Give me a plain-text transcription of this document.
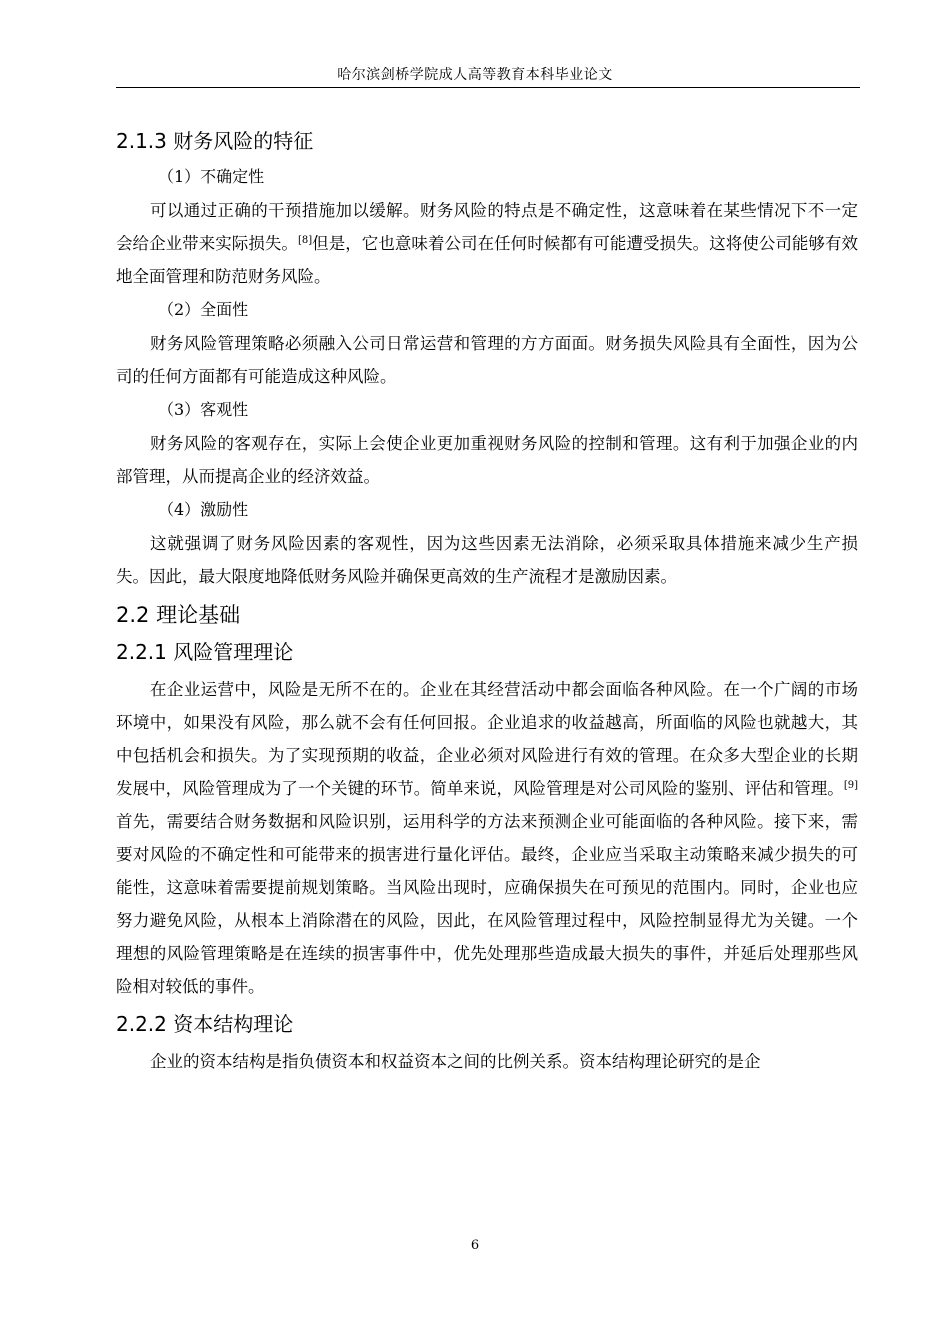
哈尔滨剑桥学院成人高等教育本科毕业论文
2.1.3 财务风险的特征
（1）不确定性

可以通过正确的干预措施加以缓解。财务风险的特点是不确定性，这意味着在某些情况下不一定会给企业带来实际损失。[8]但是，它也意味着公司在任何时候都有可能遭受损失。这将使公司能够有效地全面管理和防范财务风险。

（2）全面性

财务风险管理策略必须融入公司日常运营和管理的方方面面。财务损失风险具有全面性，因为公司的任何方面都有可能造成这种风险。

（3）客观性

财务风险的客观存在，实际上会使企业更加重视财务风险的控制和管理。这有利于加强企业的内部管理，从而提高企业的经济效益。

（4）激励性

这就强调了财务风险因素的客观性，因为这些因素无法消除，必须采取具体措施来减少生产损失。因此，最大限度地降低财务风险并确保更高效的生产流程才是激励因素。

2.2 理论基础
2.2.1 风险管理理论

在企业运营中，风险是无所不在的。企业在其经营活动中都会面临各种风险。在一个广阔的市场环境中，如果没有风险，那么就不会有任何回报。企业追求的收益越高，所面临的风险也就越大，其中包括机会和损失。为了实现预期的收益，企业必须对风险进行有效的管理。在众多大型企业的长期发展中，风险管理成为了一个关键的环节。简单来说，风险管理是对公司风险的鉴别、评估和管理。[9]首先，需要结合财务数据和风险识别，运用科学的方法来预测企业可能面临的各种风险。接下来，需要对风险的不确定性和可能带来的损害进行量化评估。最终，企业应当采取主动策略来减少损失的可能性，这意味着需要提前规划策略。当风险出现时，应确保损失在可预见的范围内。同时，企业也应努力避免风险，从根本上消除潜在的风险，因此，在风险管理过程中，风险控制显得尤为关键。一个理想的风险管理策略是在连续的损害事件中，优先处理那些造成最大损失的事件，并延后处理那些风险相对较低的事件。

2.2.2 资本结构理论

企业的资本结构是指负债资本和权益资本之间的比例关系。资本结构理论研究的是企

6
